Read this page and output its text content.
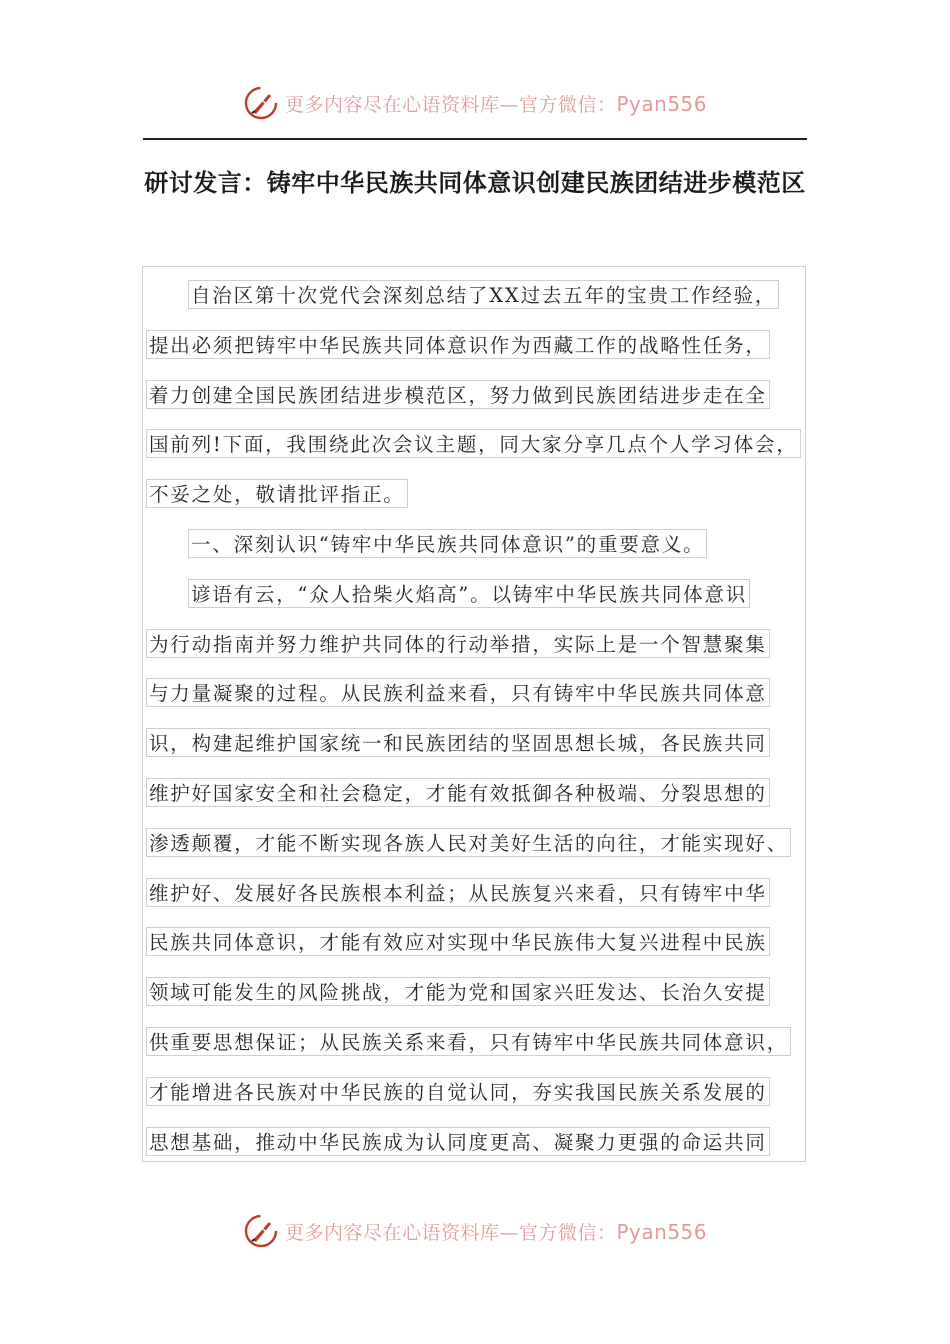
更多内容尽在心语资料库—官方微信：Pyan556
研讨发言：铸牢中华民族共同体意识创建民族团结进步模范区
自治区第十次党代会深刻总结了XX过去五年的宝贵工作经验，
提出必须把铸牢中华民族共同体意识作为西藏工作的战略性任务，
着力创建全国民族团结进步模范区，努力做到民族团结进步走在全
国前列!下面，我围绕此次会议主题，同大家分享几点个人学习体会，
不妥之处，敬请批评指正。
一、深刻认识“铸牢中华民族共同体意识”的重要意义。
谚语有云，“众人拾柴火焰高”。以铸牢中华民族共同体意识
为行动指南并努力维护共同体的行动举措，实际上是一个智慧聚集
与力量凝聚的过程。从民族利益来看，只有铸牢中华民族共同体意
识，构建起维护国家统一和民族团结的坚固思想长城，各民族共同
维护好国家安全和社会稳定，才能有效抵御各种极端、分裂思想的
渗透颠覆，才能不断实现各族人民对美好生活的向往，才能实现好、
维护好、发展好各民族根本利益；从民族复兴来看，只有铸牢中华
民族共同体意识，才能有效应对实现中华民族伟大复兴进程中民族
领域可能发生的风险挑战，才能为党和国家兴旺发达、长治久安提
供重要思想保证；从民族关系来看，只有铸牢中华民族共同体意识，
才能增进各民族对中华民族的自觉认同，夯实我国民族关系发展的
思想基础，推动中华民族成为认同度更高、凝聚力更强的命运共同
更多内容尽在心语资料库—官方微信：Pyan556
